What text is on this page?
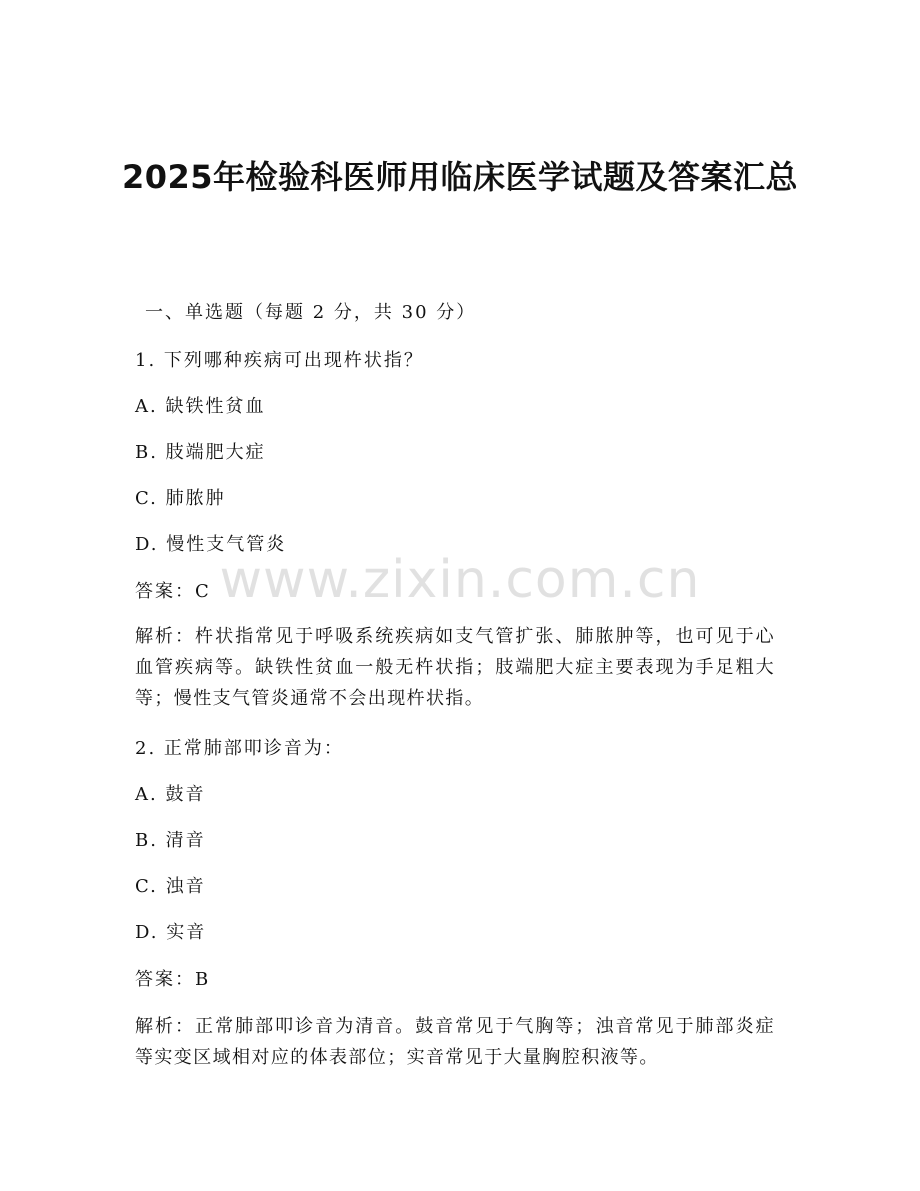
2025年检验科医师用临床医学试题及答案汇总
一、单选题（每题 2 分，共 30 分）
1. 下列哪种疾病可出现杵状指？
A. 缺铁性贫血
B. 肢端肥大症
C. 肺脓肿
D. 慢性支气管炎
答案：C
解析：杵状指常见于呼吸系统疾病如支气管扩张、肺脓肿等，也可见于心血管疾病等。缺铁性贫血一般无杵状指；肢端肥大症主要表现为手足粗大等；慢性支气管炎通常不会出现杵状指。
2. 正常肺部叩诊音为：
A. 鼓音
B. 清音
C. 浊音
D. 实音
答案：B
解析：正常肺部叩诊音为清音。鼓音常见于气胸等；浊音常见于肺部炎症等实变区域相对应的体表部位；实音常见于大量胸腔积液等。
www.zixin.com.cn
